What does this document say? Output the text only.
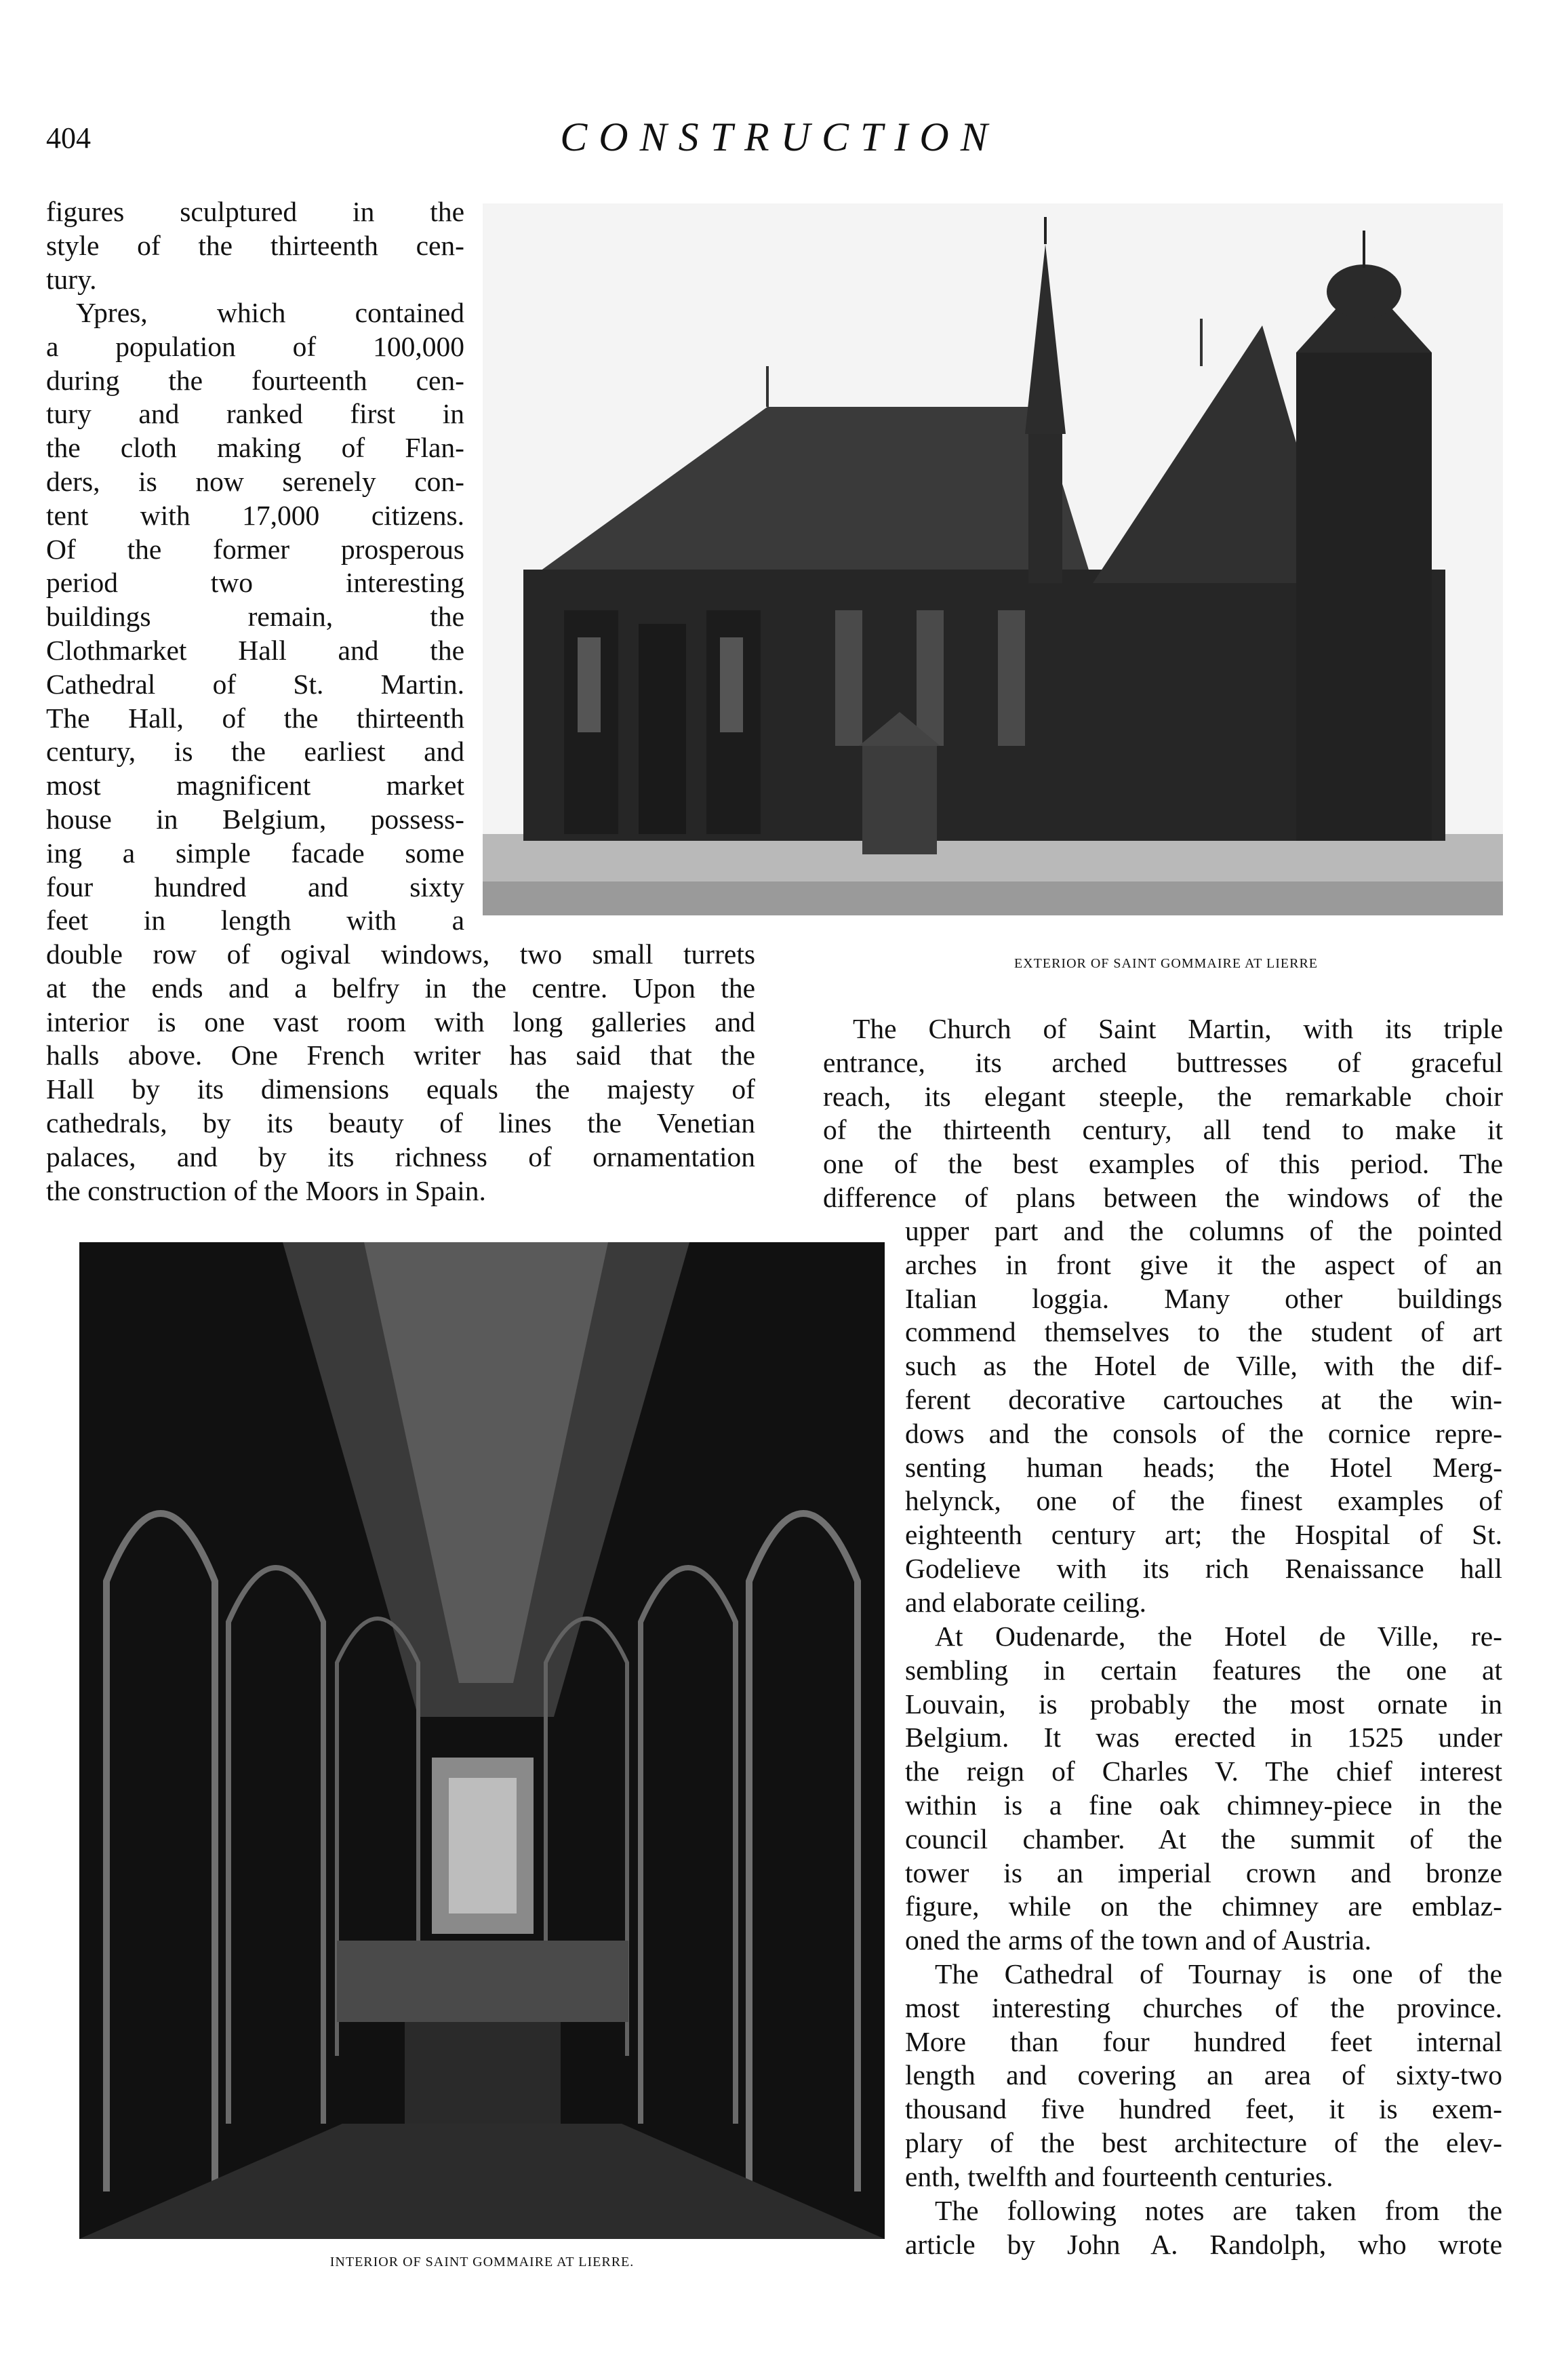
404	CONSTRUCTION
figures sculptured in the
style of the thirteenth cen-
tury.
Ypres, which contained
a population of 100,000
during the fourteenth cen-
tury and ranked first in
the cloth making of Flan-
ders, is now serenely con-
tent with 17,000 citizens.
Of the former prosperous
period two interesting
buildings remain, the
Clothmarket Hall and the
Cathedral of St. Martin.
The Hall, of the thirteenth
century, is the earliest and
most magnificent market
house in Belgium, possess-
ing a simple facade some
four hundred and sixty
feet in length with a
double row of ogival windows, two small turrets
at the ends and a belfry in the centre. Upon the
interior is one vast room with long galleries and
halls above. One French writer has said that the
Hall by its dimensions equals the majesty of
cathedrals, by its beauty of lines the Venetian
palaces, and by its richness of ornamentation
the construction of the Moors in Spain.
EXTERIOR OF SAINT GOMMAIRE AT LIERRE
The Church of Saint Martin, with its triple
entrance, its arched buttresses of graceful
reach, its elegant steeple, the remarkable choir
of the thirteenth century, all tend to make it
one of the best examples of this period. The
difference of plans between the windows of the
INTERIOR OF SAINT GOMMAIRE AT LIERRE.
upper part and the columns of the pointed
arches in front give it the aspect of an
Italian loggia. Many other buildings
commend themselves to the student of art
such as the Hotel de Ville, with the dif-
ferent decorative cartouches at the win-
dows and the consols of the cornice repre-
senting human heads; the Hotel Merg-
helynck, one of the finest examples of
eighteenth century art; the Hospital of St.
Godelieve with its rich Renaissance hall
and elaborate ceiling.
At Oudenarde, the Hotel de Ville, re-
sembling in certain features the one at
Louvain, is probably the most ornate in
Belgium. It was erected in 1525 under
the reign of Charles V. The chief interest
within is a fine oak chimney-piece in the
council chamber. At the summit of the
tower is an imperial crown and bronze
figure, while on the chimney are emblaz-
oned the arms of the town and of Austria.
The Cathedral of Tournay is one of the
most interesting churches of the province.
More than four hundred feet internal
length and covering an area of sixty-two
thousand five hundred feet, it is exem-
plary of the best architecture of the elev-
enth, twelfth and fourteenth centuries.
The following notes are taken from the
article by John A. Randolph, who wrote
